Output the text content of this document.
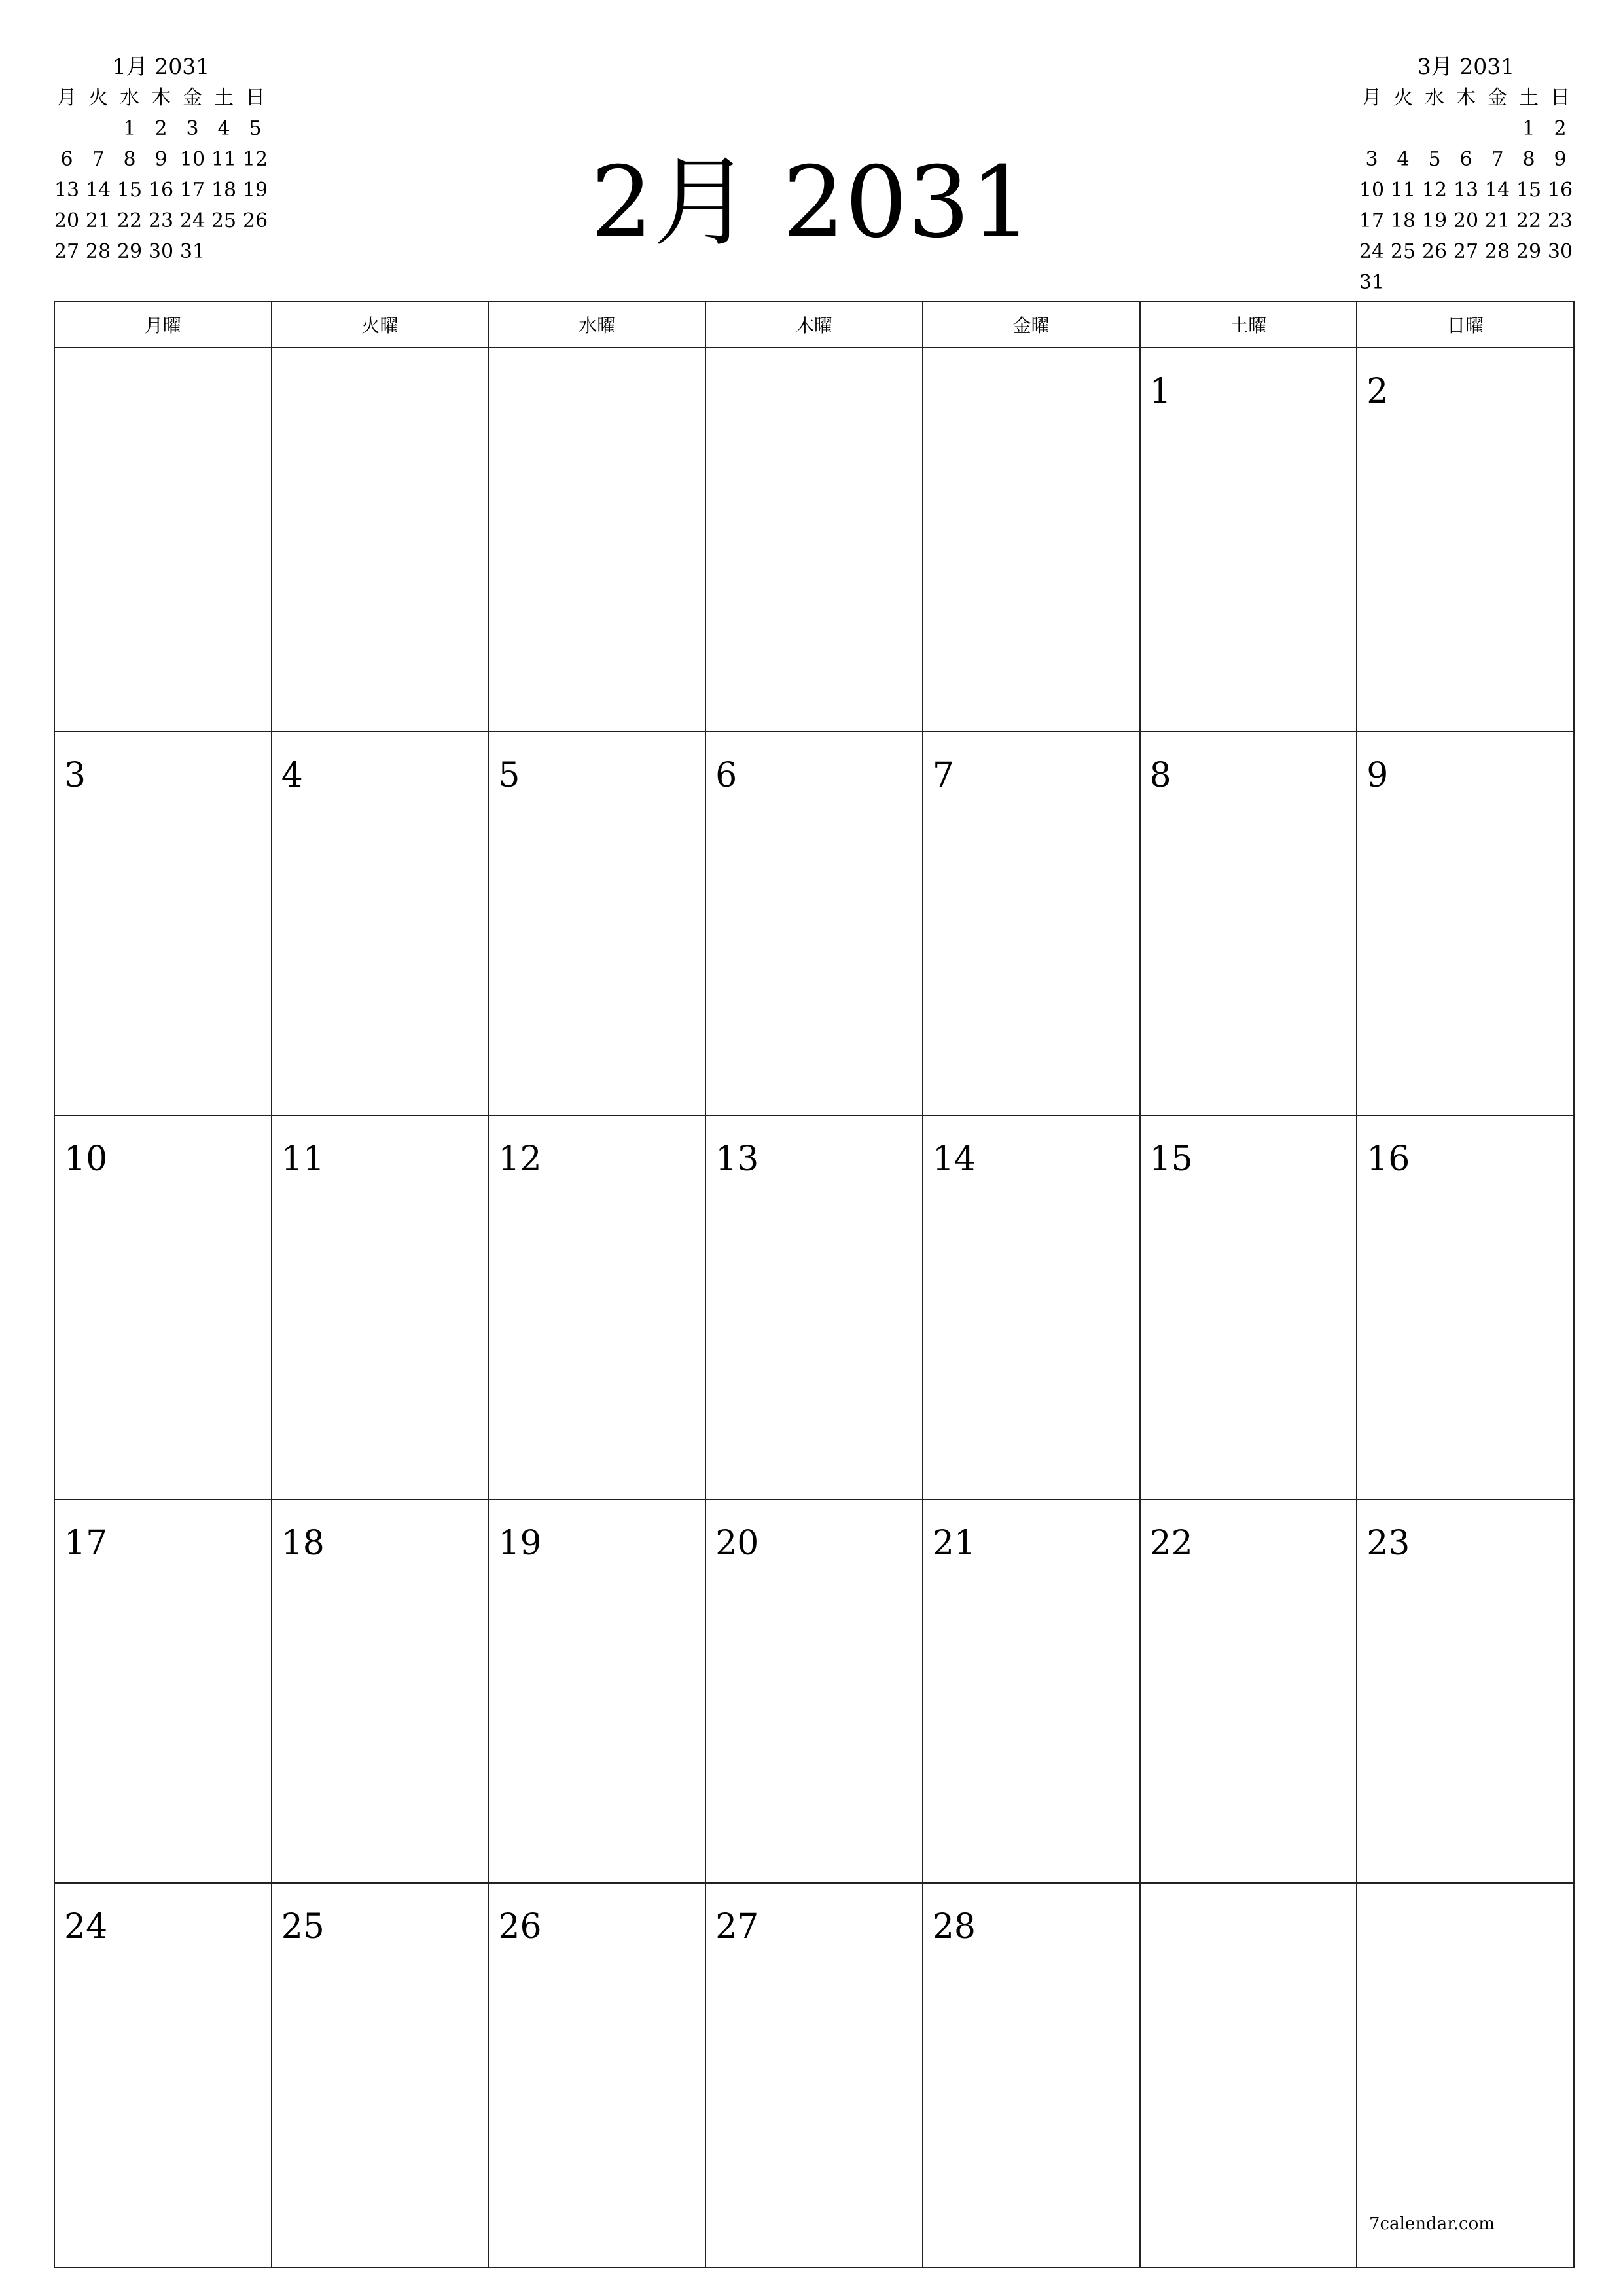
2月 2031
1月 2031
月	火	水	木	金	土	日
		1	2	3	4	5
6	7	8	9	10	11	12
13	14	15	16	17	18	19
20	21	22	23	24	25	26
27	28	29	30	31		
3月 2031
月	火	水	木	金	土	日
					1	2
3	4	5	6	7	8	9
10	11	12	13	14	15	16
17	18	19	20	21	22	23
24	25	26	27	28	29	30
31						
月曜	火曜	水曜	木曜	金曜	土曜	日曜

					1	2

3	4	5	6	7	8	9

10	11	12	13	14	15	16

17	18	19	20	21	22	23

24	25	26	27	28		

7calendar.com
